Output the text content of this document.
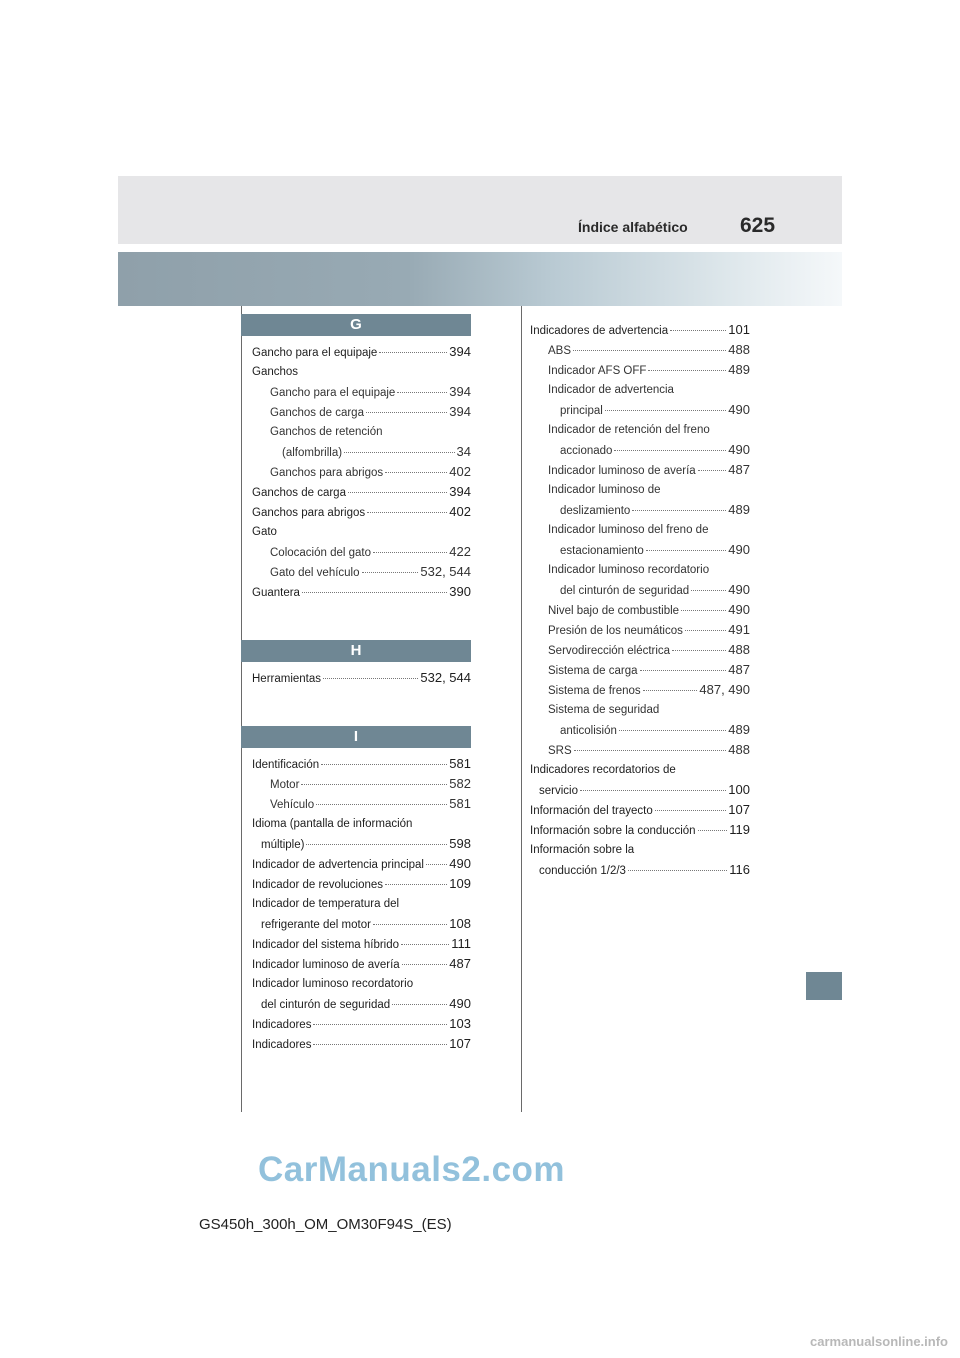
Índice alfabético 625
G
Gancho para el equipaje	394
Ganchos
Gancho para el equipaje	394
Ganchos de carga	394
Ganchos de retención
(alfombrilla)	34
Ganchos para abrigos	402
Ganchos de carga	394
Ganchos para abrigos	402
Gato
Colocación del gato	422
Gato del vehículo	532, 544
Guantera	390
H
Herramientas	532, 544
I
Identificación	581
Motor	582
Vehículo	581
Idioma (pantalla de información
múltiple)	598
Indicador de advertencia principal 490
Indicador de revoluciones	109
Indicador de temperatura del
refrigerante del motor	108
Indicador del sistema híbrido	111
Indicador luminoso de avería	487
Indicador luminoso recordatorio
del cinturón de seguridad	490
Indicadores	103
Indicadores	107
Indicadores de advertencia	101
ABS	488
Indicador AFS OFF	489
Indicador de advertencia
principal	490
Indicador de retención del freno
accionado	490
Indicador luminoso de avería	487
Indicador luminoso de
deslizamiento	489
Indicador luminoso del freno de
estacionamiento	490
Indicador luminoso recordatorio
del cinturón de seguridad	490
Nivel bajo de combustible	490
Presión de los neumáticos	491
Servodirección eléctrica	488
Sistema de carga	487
Sistema de frenos	487, 490
Sistema de seguridad
anticolisión	489
SRS	488
Indicadores recordatorios de
servicio	100
Información del trayecto	107
Información sobre la conducción	119
Información sobre la
conducción 1/2/3	116
CarManuals2.com
GS450h_300h_OM_OM30F94S_(ES)
carmanualsonline.info
